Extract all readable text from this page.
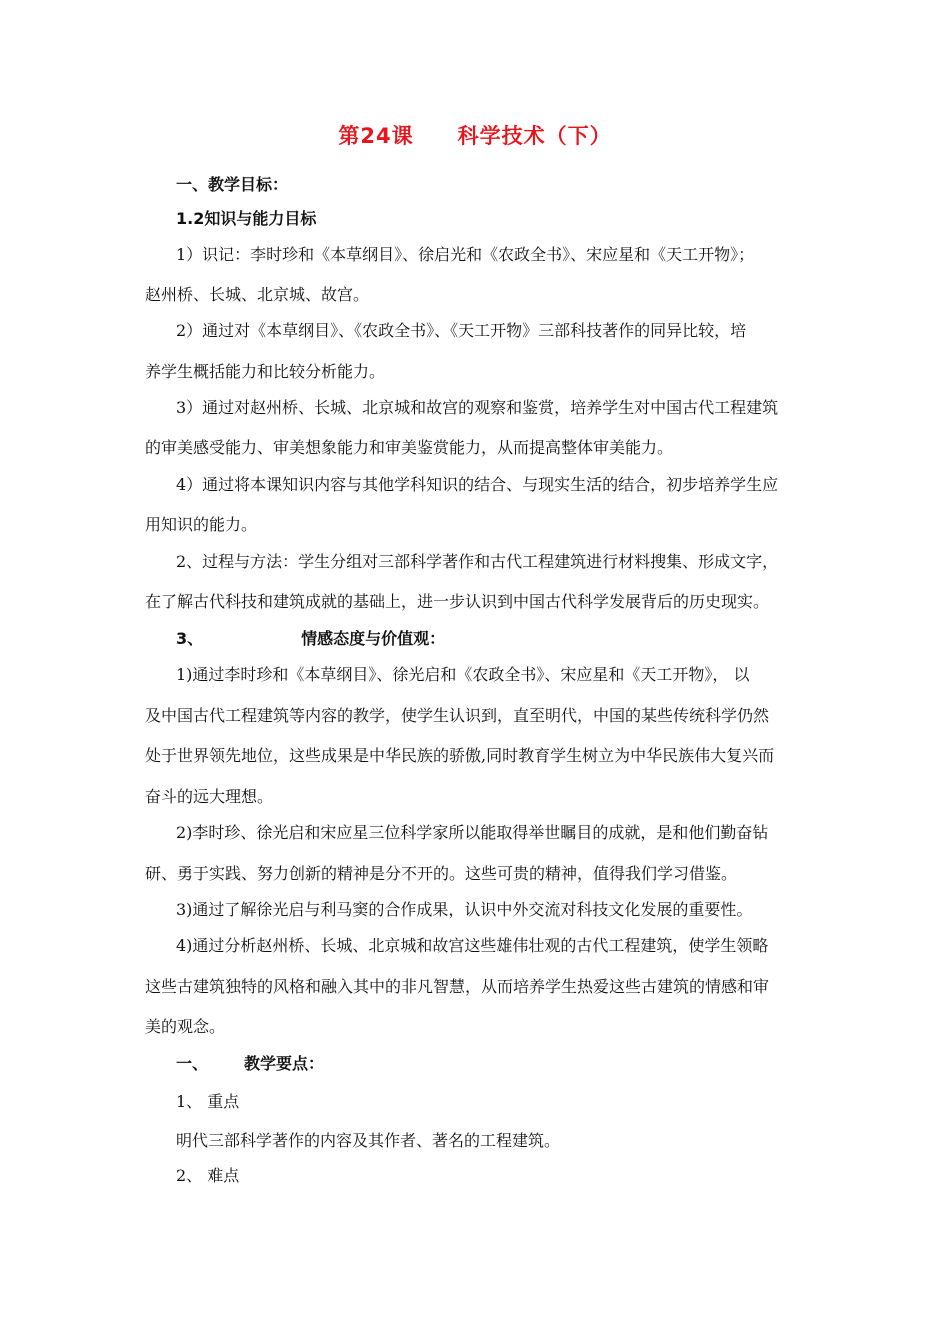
第24课 科学技术（下）
一、教学目标：
1.2知识与能力目标
1）识记：李时珍和《本草纲目》、徐启光和《农政全书》、宋应星和《天工开物》；
赵州桥、长城、北京城、故宫。
2）通过对《本草纲目》、《农政全书》、《天工开物》三部科技著作的同异比较，培
养学生概括能力和比较分析能力。
3）通过对赵州桥、长城、北京城和故宫的观察和鉴赏，培养学生对中国古代工程建筑
的审美感受能力、审美想象能力和审美鉴赏能力，从而提高整体审美能力。
4）通过将本课知识内容与其他学科知识的结合、与现实生活的结合，初步培养学生应
用知识的能力。
2、过程与方法：学生分组对三部科学著作和古代工程建筑进行材料搜集、形成文字，
在了解古代科技和建筑成就的基础上，进一步认识到中国古代科学发展背后的历史现实。
3、	情感态度与价值观：
1)通过李时珍和《本草纲目》、徐光启和《农政全书》、宋应星和《天工开物》， 以
及中国古代工程建筑等内容的教学，使学生认识到，直至明代，中国的某些传统科学仍然
处于世界领先地位，这些成果是中华民族的骄傲,同时教育学生树立为中华民族伟大复兴而
奋斗的远大理想。
2)李时珍、徐光启和宋应星三位科学家所以能取得举世瞩目的成就，是和他们勤奋钻
研、勇于实践、努力创新的精神是分不开的。这些可贵的精神，值得我们学习借鉴。
3)通过了解徐光启与利马窦的合作成果，认识中外交流对科技文化发展的重要性。
4)通过分析赵州桥、长城、北京城和故宫这些雄伟壮观的古代工程建筑，使学生领略
这些古建筑独特的风格和融入其中的非凡智慧，从而培养学生热爱这些古建筑的情感和审
美的观念。
一、 教学要点：
1、 重点
明代三部科学著作的内容及其作者、著名的工程建筑。
2、 难点
